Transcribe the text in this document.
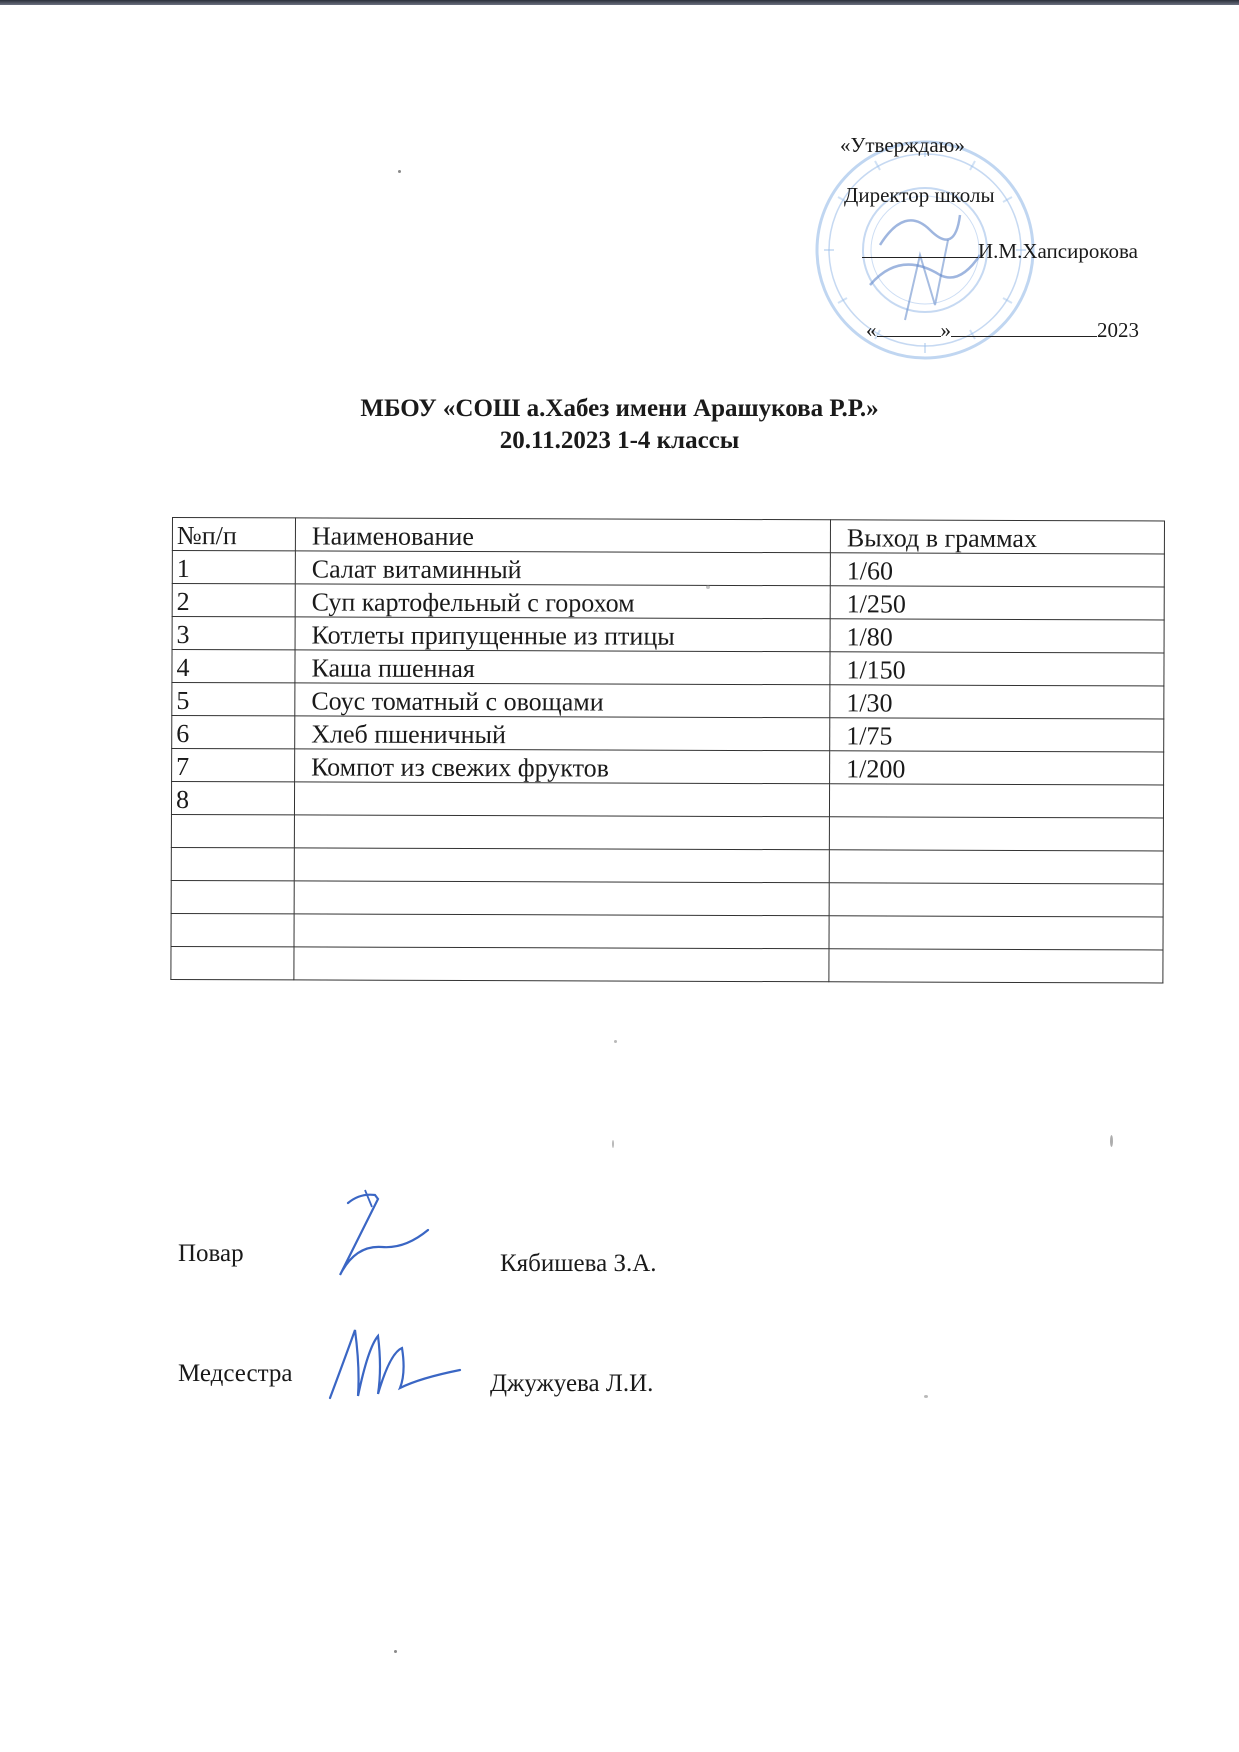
«Утверждаю»
Директор школы
И.М.Хапсирокова
«	»	2023
МБОУ «СОШ а.Хабез имени Арашукова Р.Р.»
20.11.2023 1-4 классы
№п/п	Наименование	Выход в граммах
1	Салат витаминный	1/60
2	Суп картофельный с горохом	1/250
3	Котлеты припущенные из птицы	1/80
4	Каша пшенная	1/150
5	Соус томатный с овощами	1/30
6	Хлеб пшеничный	1/75
7	Компот из свежих фруктов	1/200
8		

Повар	Кябишева З.А.
Медсестра	Джужуева Л.И.
